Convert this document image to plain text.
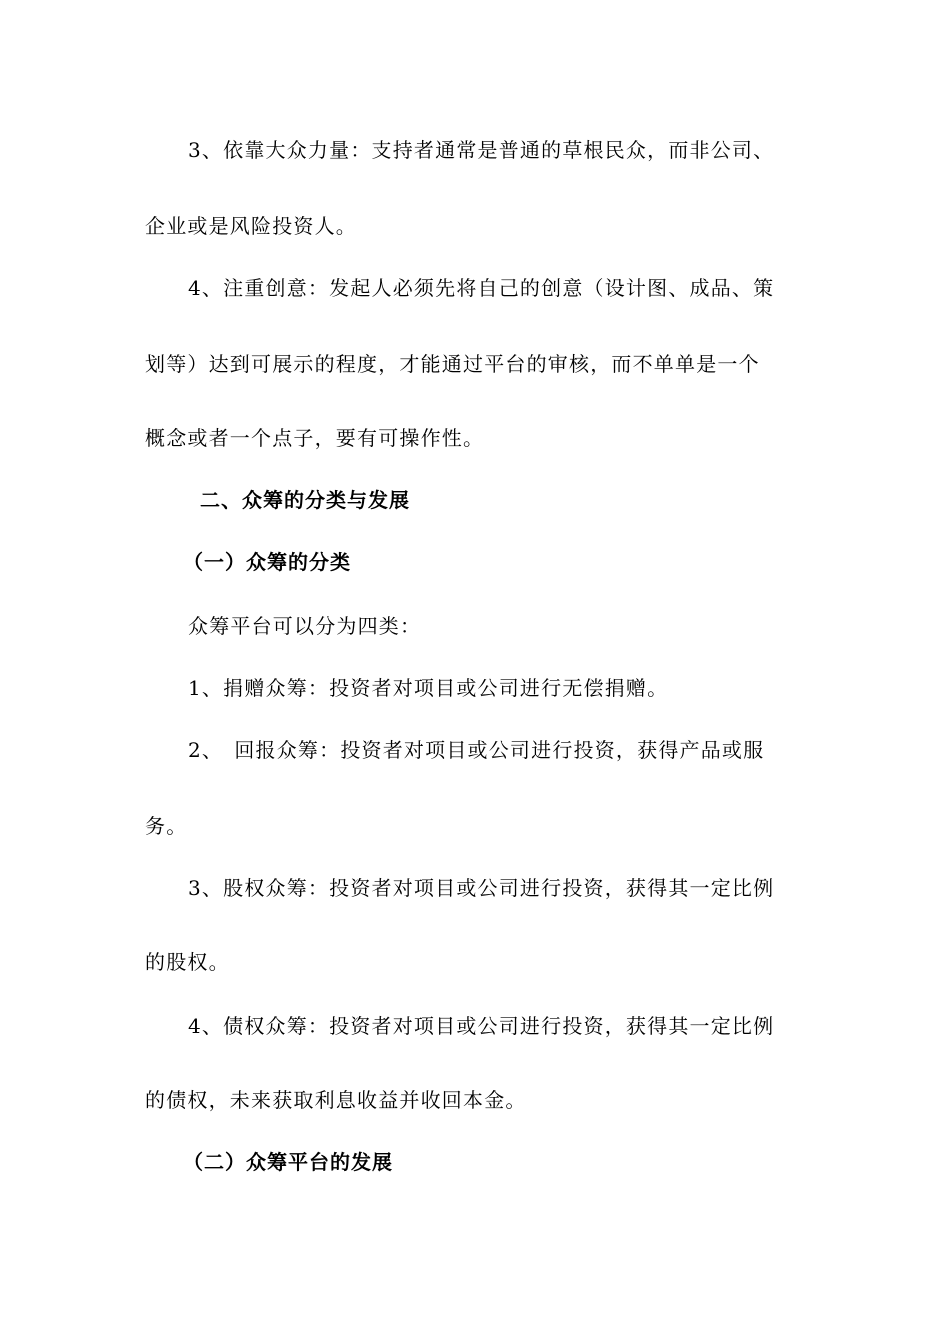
3、依靠大众力量：支持者通常是普通的草根民众，而非公司、
企业或是风险投资人。
4、注重创意：发起人必须先将自己的创意（设计图、成品、策
划等）达到可展示的程度，才能通过平台的审核，而不单单是一个
概念或者一个点子，要有可操作性。
二、众筹的分类与发展
（一）众筹的分类
众筹平台可以分为四类：
1、捐赠众筹：投资者对项目或公司进行无偿捐赠。
2、　回报众筹：投资者对项目或公司进行投资，获得产品或服
务。
3、股权众筹：投资者对项目或公司进行投资，获得其一定比例
的股权。
4、债权众筹：投资者对项目或公司进行投资，获得其一定比例
的债权，未来获取利息收益并收回本金。
（二）众筹平台的发展
